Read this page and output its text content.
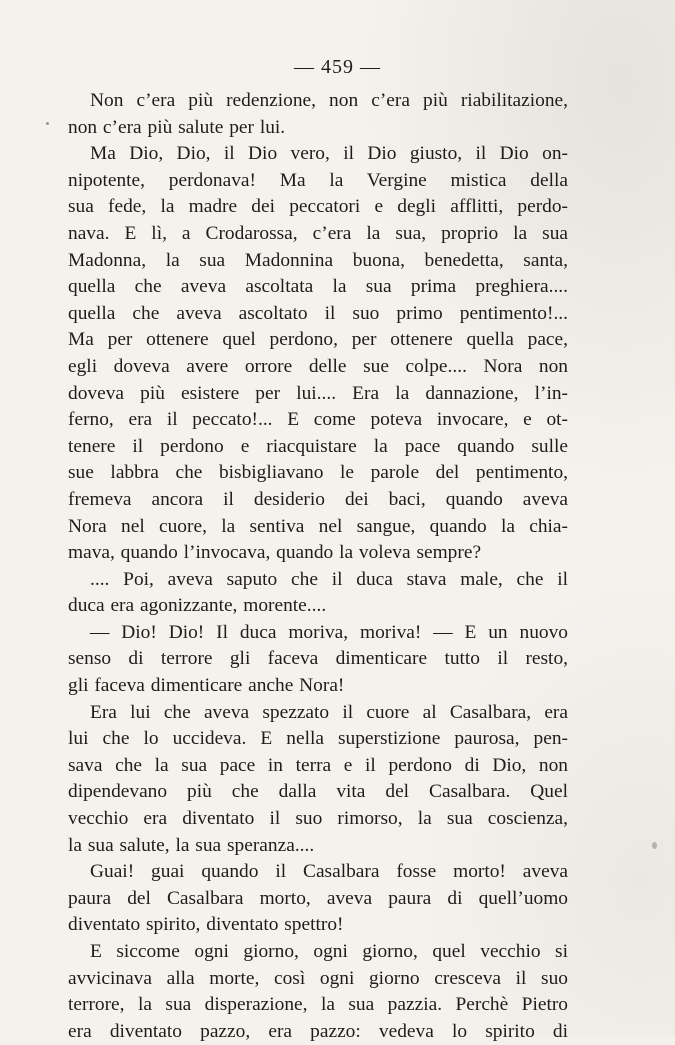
— 459 —
Non c’era più redenzione, non c’era più riabilitazione,
non c’era più salute per lui.
Ma Dio, Dio, il Dio vero, il Dio giusto, il Dio on-
nipotente, perdonava! Ma la Vergine mistica della
sua fede, la madre dei peccatori e degli afflitti, perdo-
nava. E lì, a Crodarossa, c’era la sua, proprio la sua
Madonna, la sua Madonnina buona, benedetta, santa,
quella che aveva ascoltata la sua prima preghiera....
quella che aveva ascoltato il suo primo pentimento!...
Ma per ottenere quel perdono, per ottenere quella pace,
egli doveva avere orrore delle sue colpe.... Nora non
doveva più esistere per lui.... Era la dannazione, l’in-
ferno, era il peccato!... E come poteva invocare, e ot-
tenere il perdono e riacquistare la pace quando sulle
sue labbra che bisbigliavano le parole del pentimento,
fremeva ancora il desiderio dei baci, quando aveva
Nora nel cuore, la sentiva nel sangue, quando la chia-
mava, quando l’invocava, quando la voleva sempre?
.... Poi, aveva saputo che il duca stava male, che il
duca era agonizzante, morente....
— Dio! Dio! Il duca moriva, moriva! — E un nuovo
senso di terrore gli faceva dimenticare tutto il resto,
gli faceva dimenticare anche Nora!
Era lui che aveva spezzato il cuore al Casalbara, era
lui che lo uccideva. E nella superstizione paurosa, pen-
sava che la sua pace in terra e il perdono di Dio, non
dipendevano più che dalla vita del Casalbara. Quel
vecchio era diventato il suo rimorso, la sua coscienza,
la sua salute, la sua speranza....
Guai! guai quando il Casalbara fosse morto! aveva
paura del Casalbara morto, aveva paura di quell’uomo
diventato spirito, diventato spettro!
E siccome ogni giorno, ogni giorno, quel vecchio si
avvicinava alla morte, così ogni giorno cresceva il suo
terrore, la sua disperazione, la sua pazzia. Perchè Pietro
era diventato pazzo, era pazzo: vedeva lo spirito di
